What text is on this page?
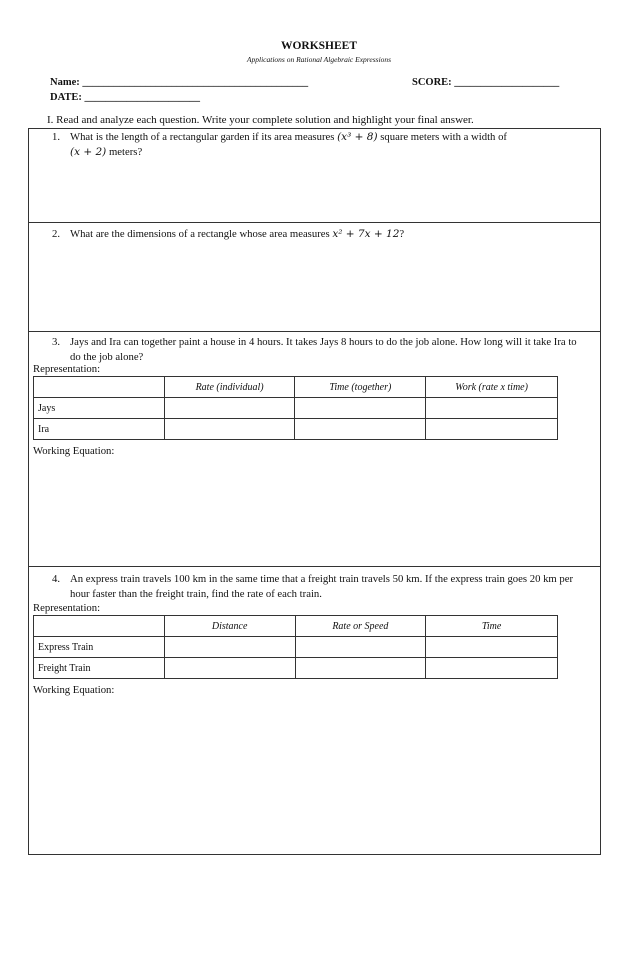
WORKSHEET
Applications on Rational Algebraic Expressions
Name: ___________________________________________	SCORE: ____________________
DATE: ______________________
I. Read and analyze each question. Write your complete solution and highlight your final answer.
1. What is the length of a rectangular garden if its area measures (x³ + 8) square meters with a width of
(x + 2) meters?
2. What are the dimensions of a rectangle whose area measures x² + 7x + 12?
3. Jays and Ira can together paint a house in 4 hours. It takes Jays 8 hours to do the job alone. How long will it take Ira to do the job alone?
Representation:
	Rate (individual)	Time (together)	Work (rate x time)
Jays			
Ira			
Working Equation:
4. An express train travels 100 km in the same time that a freight train travels 50 km. If the express train goes 20 km per hour faster than the freight train, find the rate of each train.
Representation:
	Distance	Rate or Speed	Time
Express Train			
Freight Train			
Working Equation:
